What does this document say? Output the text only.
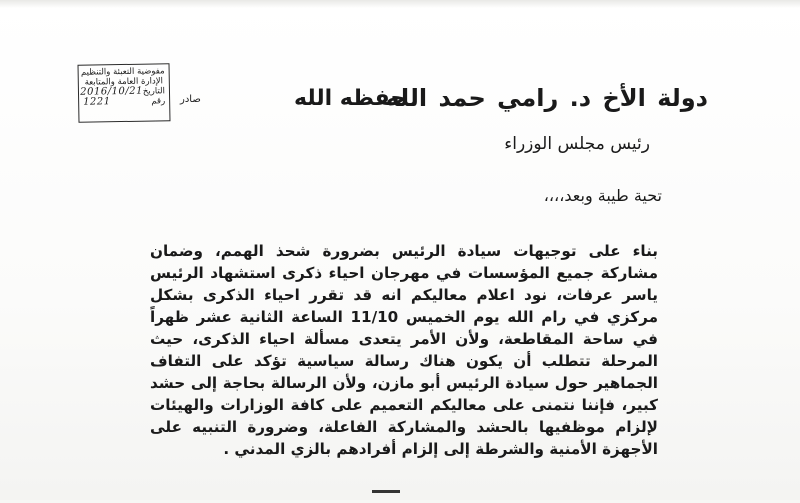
مفوضية التعبئة والتنظيم
الإدارة العامة والمتابعة
التاريخ
2016/10/21
رقم
1221	صادر	دولة الأخ د. رامي حمد الله
حفظه الله
رئيس مجلس الوزراء
تحية طيبة وبعد،،،،

بناء على توجيهات سيادة الرئيس بضرورة شحذ الهمم، وضمان مشاركة جميع المؤسسات في مهرجان احياء ذكرى استشهاد الرئيس ياسر عرفات، نود اعلام معاليكم انه قد تقرر احياء الذكرى بشكل مركزي في رام الله يوم الخميس 11/10 الساعة الثانية عشر ظهراً في ساحة المقاطعة، ولأن الأمر يتعدى مسألة احياء الذكرى، حيث المرحلة تتطلب أن يكون هناك رسالة سياسية تؤكد على التفاف الجماهير حول سيادة الرئيس أبو مازن، ولأن الرسالة بحاجة إلى حشد كبير، فإننا نتمنى على معاليكم التعميم على كافة الوزارات والهيئات لإلزام موظفيها بالحشد والمشاركة الفاعلة، وضرورة التنبيه على الأجهزة الأمنية والشرطة إلى إلزام أفرادهم بالزي المدني .
